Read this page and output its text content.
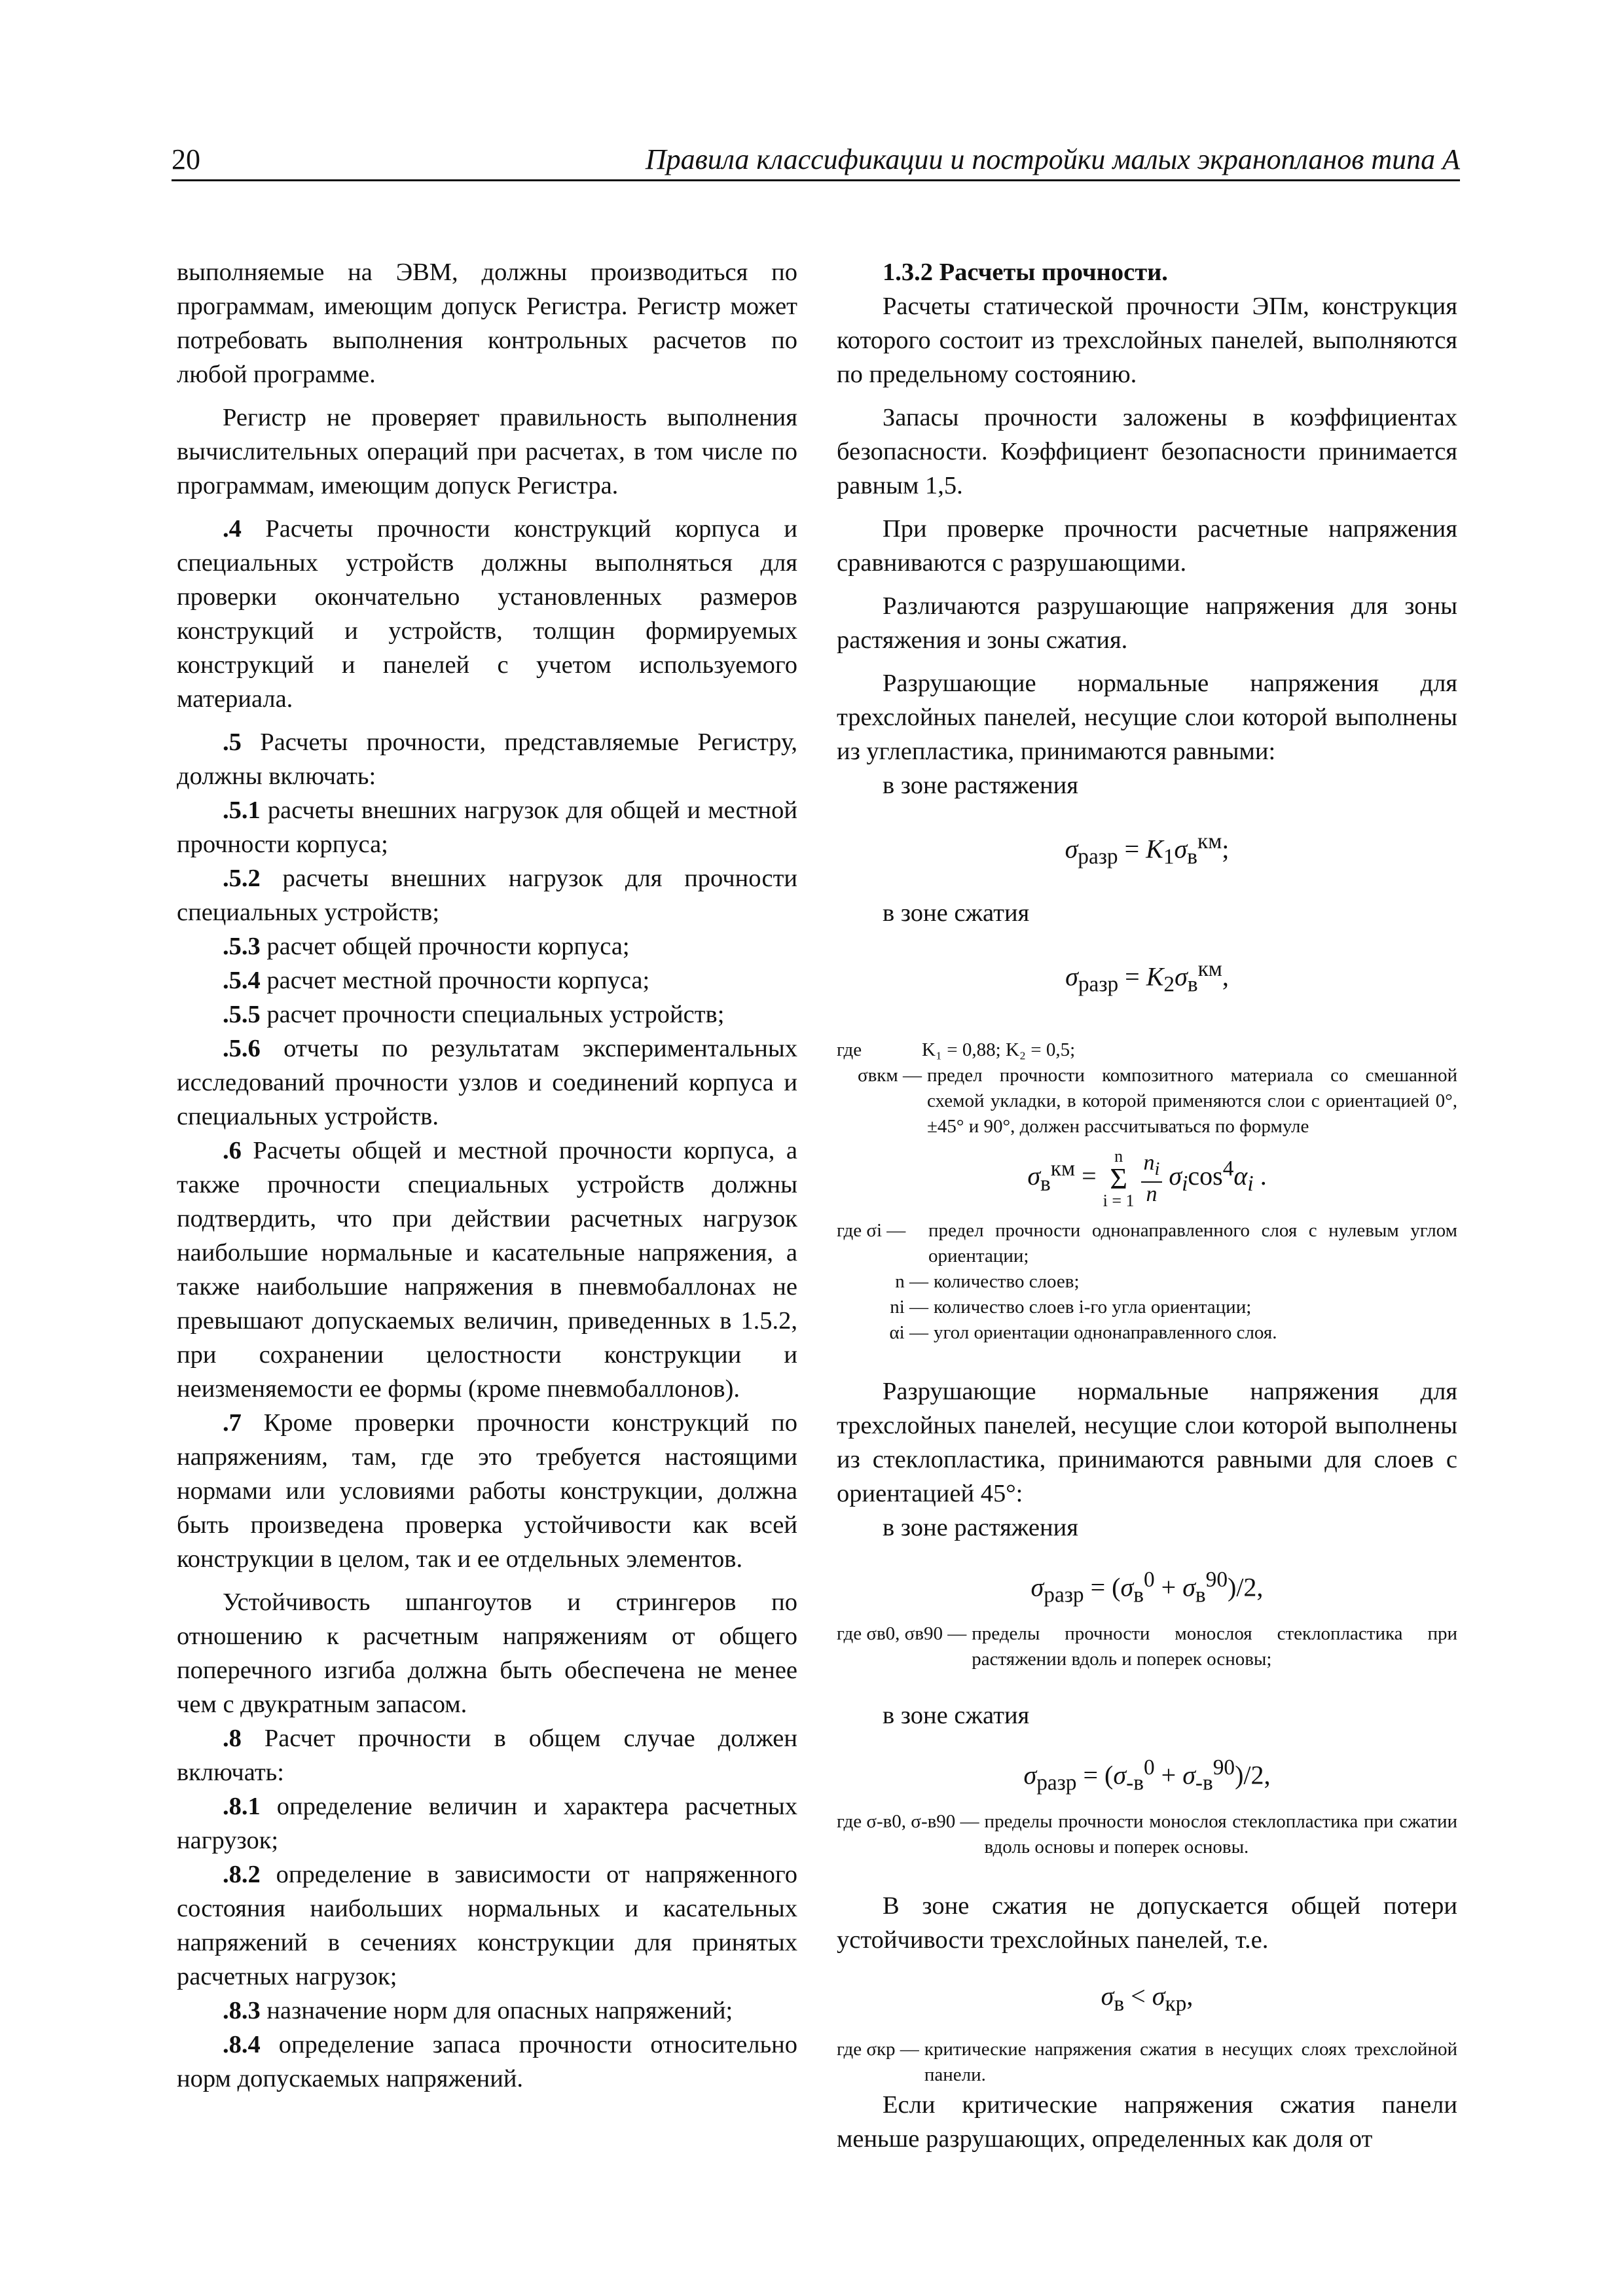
20	Правила классификации и постройки малых экранопланов типа А

выполняемые на ЭВМ, должны производиться по программам, имеющим допуск Регистра. Регистр может потребовать выполнения контрольных расчетов по любой программе.

Регистр не проверяет правильность выполнения вычислительных операций при расчетах, в том числе по программам, имеющим допуск Регистра.

.4 Расчеты прочности конструкций корпуса и специальных устройств должны выполняться для проверки окончательно установленных размеров конструкций и устройств, толщин формируемых конструкций и панелей с учетом используемого материала.

.5 Расчеты прочности, представляемые Регистру, должны включать:

.5.1 расчеты внешних нагрузок для общей и местной прочности корпуса;

.5.2 расчеты внешних нагрузок для прочности специальных устройств;

.5.3 расчет общей прочности корпуса;

.5.4 расчет местной прочности корпуса;

.5.5 расчет прочности специальных устройств;

.5.6 отчеты по результатам экспериментальных исследований прочности узлов и соединений корпуса и специальных устройств.

.6 Расчеты общей и местной прочности корпуса, а также прочности специальных устройств должны подтвердить, что при действии расчетных нагрузок наибольшие нормальные и касательные напряжения, а также наибольшие напряжения в пневмобаллонах не превышают допускаемых величин, приведенных в 1.5.2, при сохранении целостности конструкции и неизменяемости ее формы (кроме пневмобаллонов).

.7 Кроме проверки прочности конструкций по напряжениям, там, где это требуется настоящими нормами или условиями работы конструкции, должна быть произведена проверка устойчивости как всей конструкции в целом, так и ее отдельных элементов.

Устойчивость шпангоутов и стрингеров по отношению к расчетным напряжениям от общего поперечного изгиба должна быть обеспечена не менее чем с двукратным запасом.

.8 Расчет прочности в общем случае должен включать:

.8.1 определение величин и характера расчетных нагрузок;

.8.2 определение в зависимости от напряженного состояния наибольших нормальных и касательных напряжений в сечениях конструкции для принятых расчетных нагрузок;

.8.3 назначение норм для опасных напряжений;

.8.4 определение запаса прочности относительно норм допускаемых напряжений.

1.3.2 Расчеты прочности.

Расчеты статической прочности ЭПм, конструкция которого состоит из трехслойных панелей, выполняются по предельному состоянию.

Запасы прочности заложены в коэффициентах безопасности. Коэффициент безопасности принимается равным 1,5.

При проверке прочности расчетные напряжения сравниваются с разрушающими.

Различаются разрушающие напряжения для зоны растяжения и зоны сжатия.

Разрушающие нормальные напряжения для трехслойных панелей, несущие слои которой выполнены из углепластика, принимаются равными:

в зоне растяжения

$\sigma_{разр} = K_1\sigma_в^{км}$;

в зоне сжатия

$\sigma_{разр} = K_2\sigma_в^{км}$,
где	K₁ = 0,88; K₂ = 0,5;
σвкм — предел прочности композитного материала со смешанной схемой укладки, в которой применяются слои с ориентацией 0°, ±45° и 90°, должен рассчитываться по формуле
$\sigma_в^{км} = n$
Σ
$i = 1 \frac{n_i}{n} \sigma_i\cos^4\alpha_i$ .
где σi —	предел прочности однонаправленного слоя с нулевым углом ориентации;
n — количество слоев;
ni — количество слоев i-го угла ориентации;
αi — угол ориентации однонаправленного слоя.

Разрушающие нормальные напряжения для трехслойных панелей, несущие слои которой выполнены из стеклопластика, принимаются равными для слоев с ориентацией 45°:

в зоне растяжения

$\sigma_{разр} = (\sigma_в^0 + \sigma_в^{90})/2$,
где σв0, σв90 — пределы прочности монослоя стеклопластика при растяжении вдоль и поперек основы;

в зоне сжатия

$\sigma_{разр} = (\sigma_{-в}^0 + \sigma_{-в}^{90})/2$,
где σ-в0, σ-в90 — пределы прочности монослоя стеклопластика при сжатии вдоль основы и поперек основы.

В зоне сжатия не допускается общей потери устойчивости трехслойных панелей, т.е.

$\sigma_в < \sigma_{кр}$,
где σкр — критические напряжения сжатия в несущих слоях трехслойной панели.

Если критические напряжения сжатия панели меньше разрушающих, определенных как доля от
